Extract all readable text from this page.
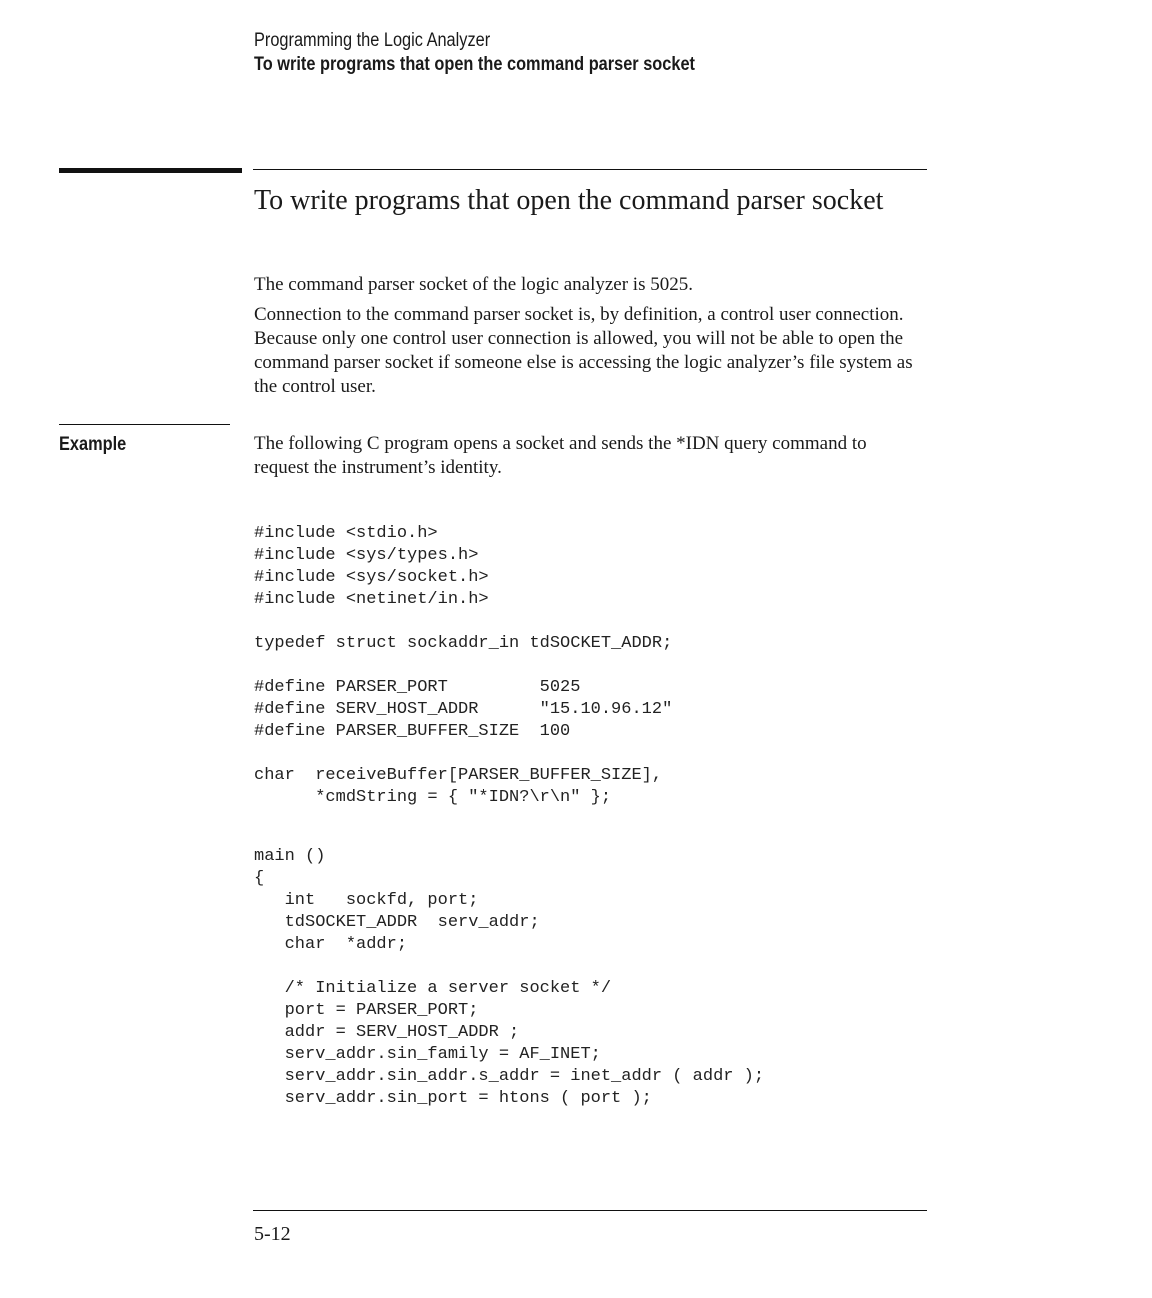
Programming the Logic Analyzer
To write programs that open the command parser socket
To write programs that open the command parser socket

The command parser socket of the logic analyzer is 5025.

Connection to the command parser socket is, by definition, a control user connection. Because only one control user connection is allowed, you will not be able to open the command parser socket if someone else is accessing the logic analyzer’s file system as the control user.

Example	The following C program opens a socket and sends the *IDN query command to request the instrument’s identity.

#include <stdio.h>
#include <sys/types.h>
#include <sys/socket.h>
#include <netinet/in.h>

typedef struct sockaddr_in tdSOCKET_ADDR;

#define PARSER_PORT         5025
#define SERV_HOST_ADDR      "15.10.96.12"
#define PARSER_BUFFER_SIZE  100

char  receiveBuffer[PARSER_BUFFER_SIZE],
*cmdString = { "*IDN?\r\n" };
main ()
{
int   sockfd, port;
tdSOCKET_ADDR  serv_addr;
char  *addr;

/* Initialize a server socket */
port = PARSER_PORT;
addr = SERV_HOST_ADDR ;
serv_addr.sin_family = AF_INET;
serv_addr.sin_addr.s_addr = inet_addr ( addr );
serv_addr.sin_port = htons ( port );
5-12
